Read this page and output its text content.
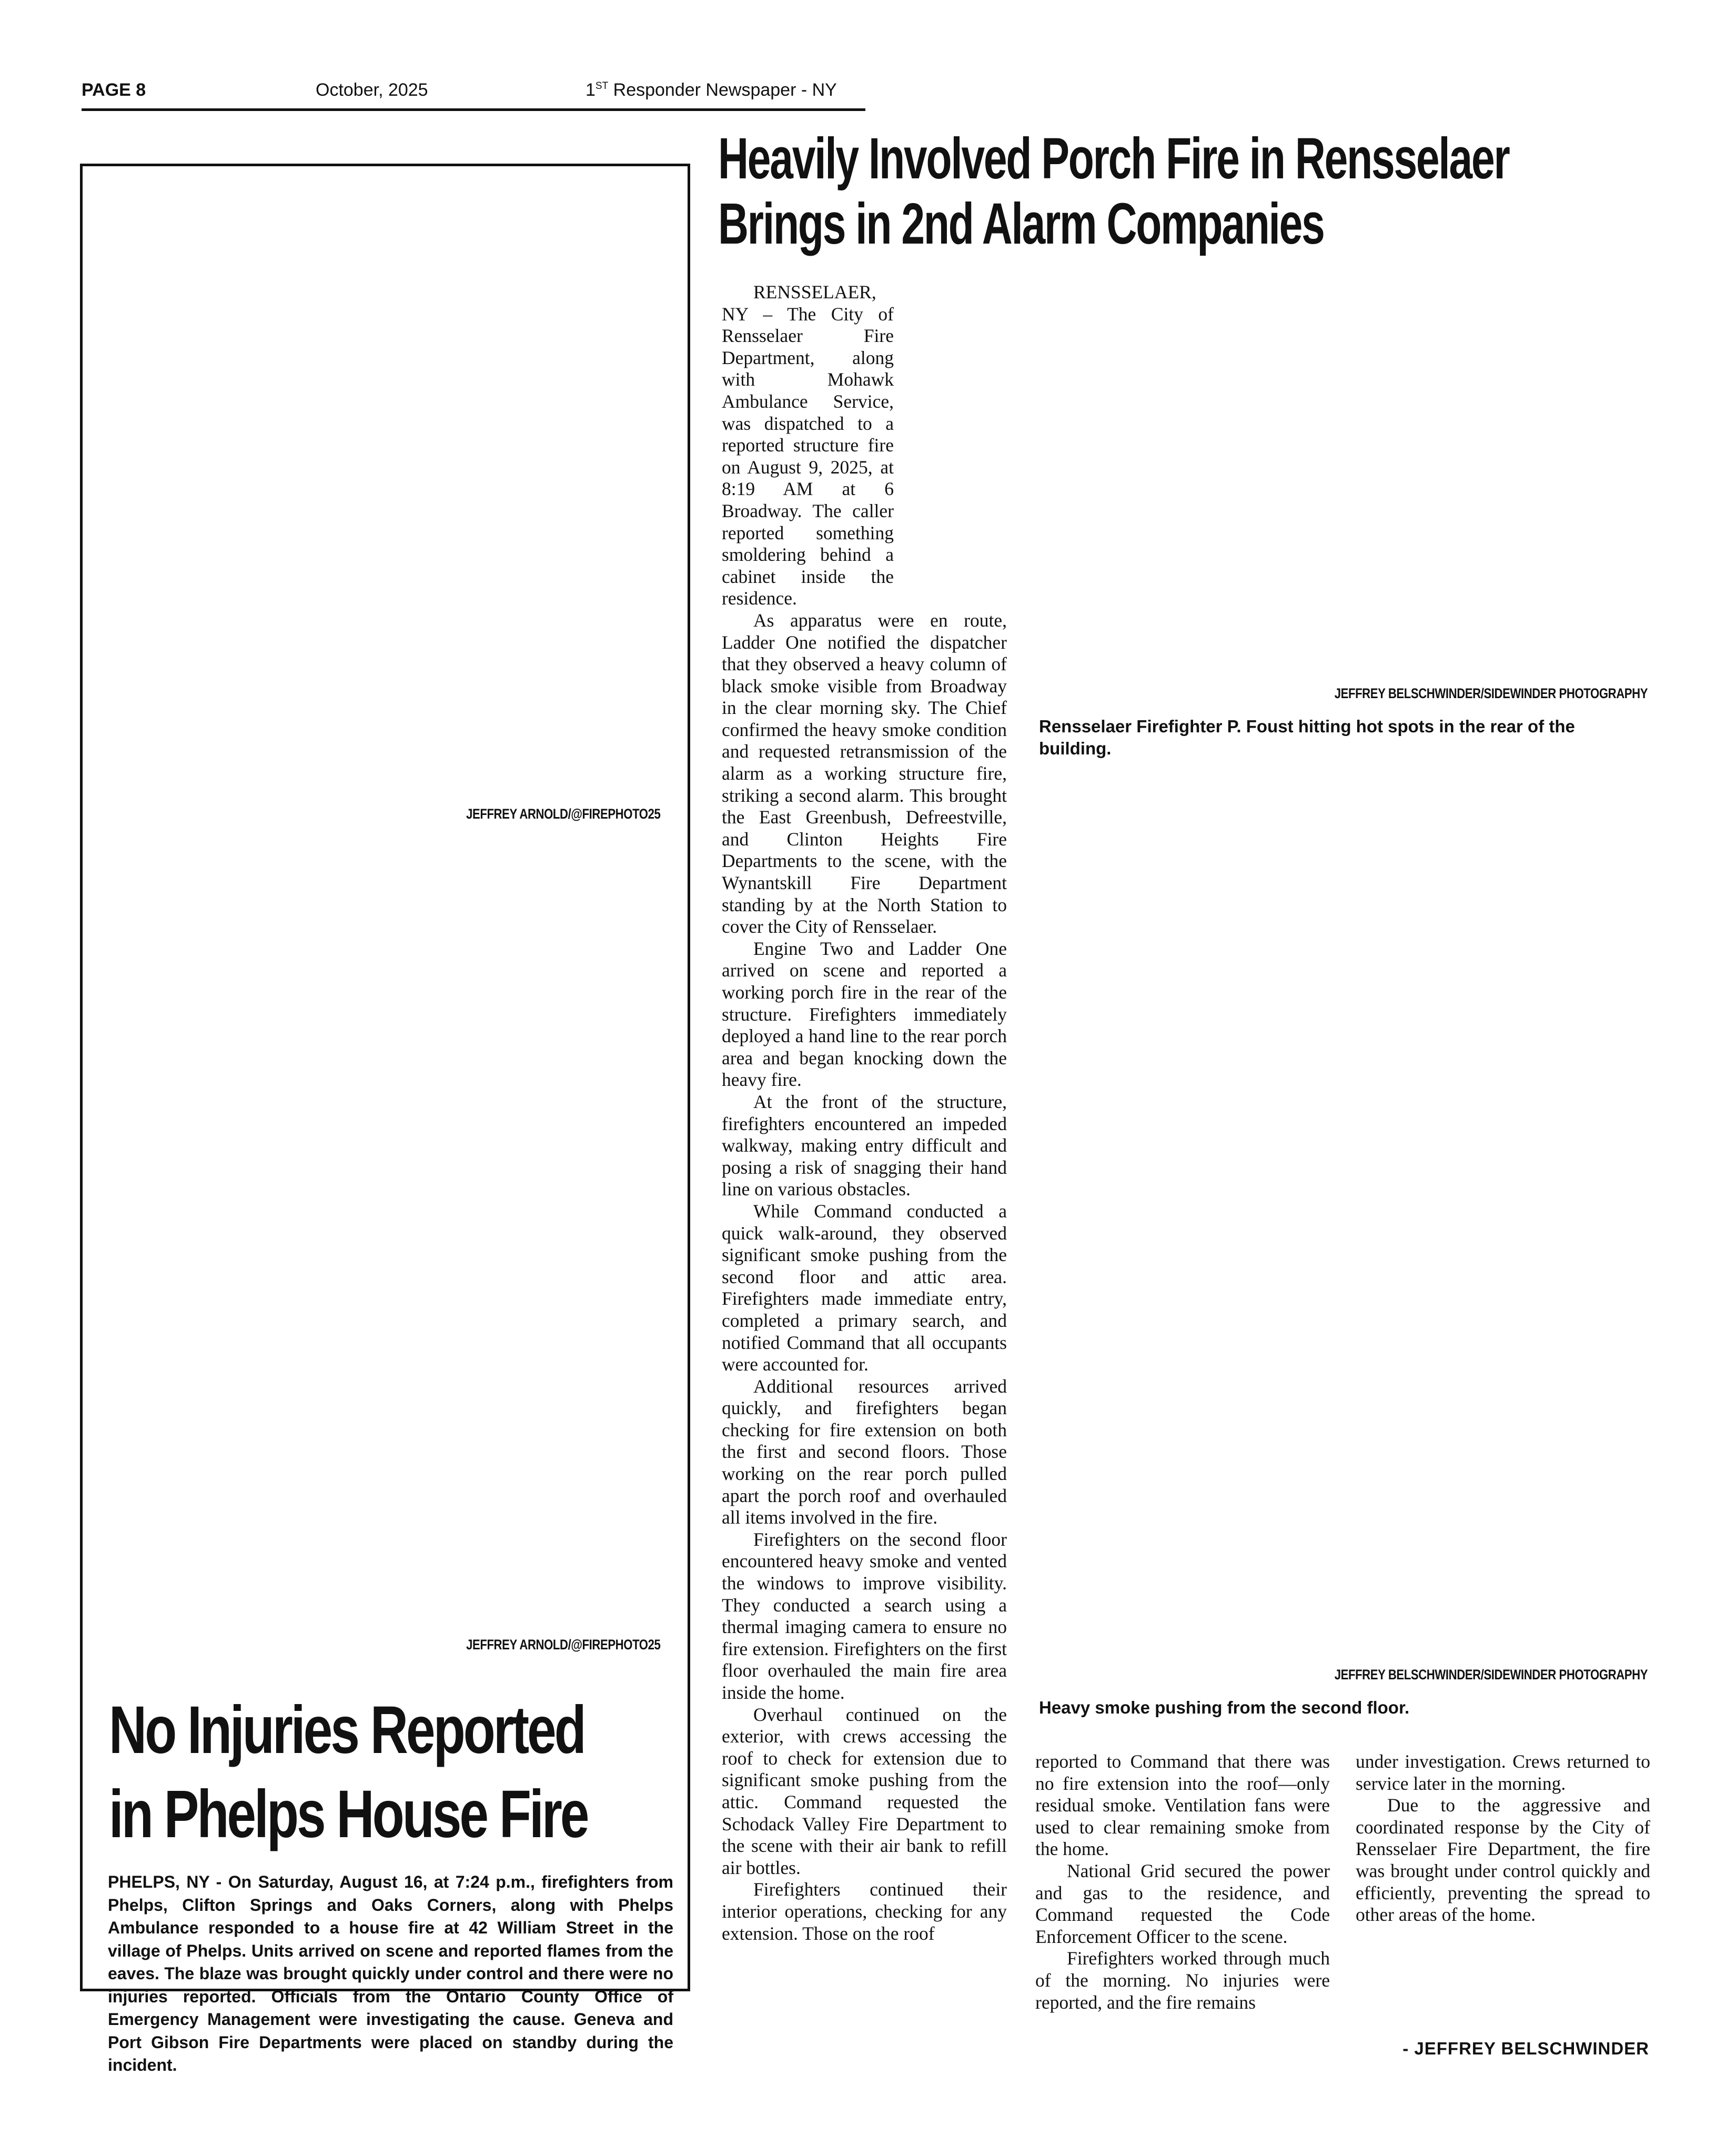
PAGE 8	October, 2025	1ST Responder Newspaper - NY
JEFFREY ARNOLD/@FIREPHOTO25
JEFFREY ARNOLD/@FIREPHOTO25
No Injuries Reported
in Phelps House Fire
PHELPS, NY - On Saturday, August 16, at 7:24 p.m., firefighters from Phelps, Clifton Springs and Oaks Corners, along with Phelps Ambulance responded to a house fire at 42 William Street in the village of Phelps. Units arrived on scene and reported flames from the eaves. The blaze was brought quickly under control and there were no injuries reported. Officials from the Ontario County Office of Emergency Management were investigating the cause. Geneva and Port Gibson Fire Departments were placed on standby during the incident.
Heavily Involved Porch Fire in Rensselaer
Brings in 2nd Alarm Companies

RENSSELAER, NY – The City of Rensselaer Fire Department, along with Mohawk Ambulance Service, was dispatched to a reported structure fire on August 9, 2025, at 8:19 AM at 6 Broadway. The caller reported something smoldering behind a cabinet inside the residence.

As apparatus were en route, Ladder One notified the dispatcher that they observed a heavy column of black smoke visible from Broadway in the clear morning sky. The Chief confirmed the heavy smoke condition and requested retransmission of the alarm as a working structure fire, striking a second alarm. This brought the East Greenbush, Defreestville, and Clinton Heights Fire Departments to the scene, with the Wynantskill Fire Department standing by at the North Station to cover the City of Rensselaer.

Engine Two and Ladder One arrived on scene and reported a working porch fire in the rear of the structure. Firefighters immediately deployed a hand line to the rear porch area and began knocking down the heavy fire.

At the front of the structure, firefighters encountered an impeded walkway, making entry difficult and posing a risk of snagging their hand line on various obstacles.

While Command conducted a quick walk-around, they observed significant smoke pushing from the second floor and attic area. Firefighters made immediate entry, completed a primary search, and notified Command that all occupants were accounted for.

Additional resources arrived quickly, and firefighters began checking for fire extension on both the first and second floors. Those working on the rear porch pulled apart the porch roof and overhauled all items involved in the fire.

Firefighters on the second floor encountered heavy smoke and vented the windows to improve visibility. They conducted a search using a thermal imaging camera to ensure no fire extension. Firefighters on the first floor overhauled the main fire area inside the home.

Overhaul continued on the exterior, with crews accessing the roof to check for extension due to significant smoke pushing from the attic. Command requested the Schodack Valley Fire Department to the scene with their air bank to refill air bottles.

Firefighters continued their interior operations, checking for any extension. Those on the roof

JEFFREY BELSCHWINDER/SIDEWINDER PHOTOGRAPHY
Rensselaer Firefighter P. Foust hitting hot spots in the rear of the building.
JEFFREY BELSCHWINDER/SIDEWINDER PHOTOGRAPHY
Heavy smoke pushing from the second floor.

reported to Command that there was no fire extension into the roof—only residual smoke. Ventilation fans were used to clear remaining smoke from the home.

National Grid secured the power and gas to the residence, and Command requested the Code Enforcement Officer to the scene.

Firefighters worked through much of the morning. No injuries were reported, and the fire remains

under investigation. Crews returned to service later in the morning.

Due to the aggressive and coordinated response by the City of Rensselaer Fire Department, the fire was brought under control quickly and efficiently, preventing the spread to other areas of the home.

- JEFFREY BELSCHWINDER
